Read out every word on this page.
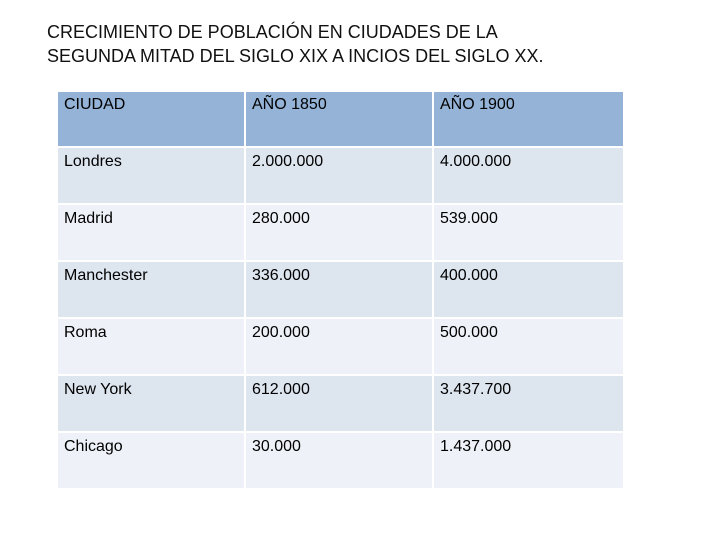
CRECIMIENTO DE POBLACIÓN EN CIUDADES DE LA
SEGUNDA MITAD DEL SIGLO XIX A INCIOS DEL SIGLO XX.
CIUDAD	AÑO 1850	AÑO 1900
Londres	2.000.000	4.000.000
Madrid	280.000	539.000
Manchester	336.000	400.000
Roma	200.000	500.000
New York	612.000	3.437.700
Chicago	30.000	1.437.000
